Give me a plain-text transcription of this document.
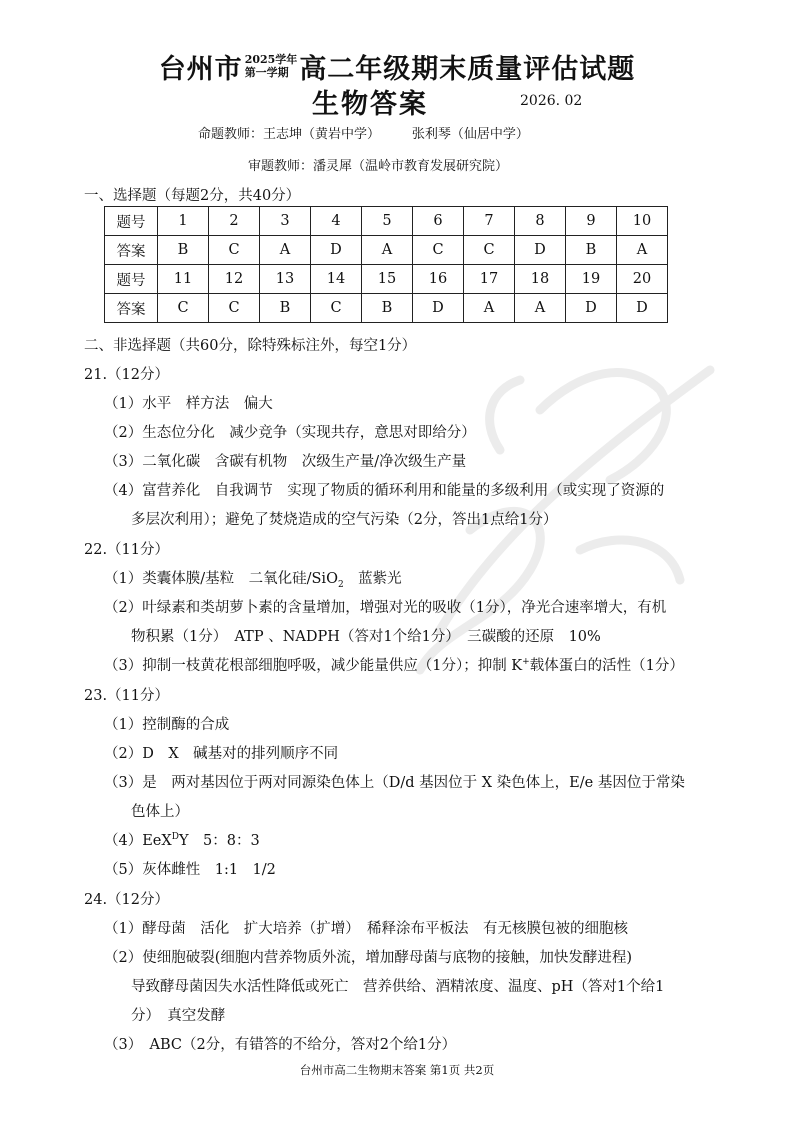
台州市 2025学年
第一学期 高二年级期末质量评估试题
生物答案	2026. 02
命题教师：王志坤（黄岩中学） 张利琴（仙居中学）
审题教师：潘灵犀（温岭市教育发展研究院）
一、选择题（每题2分，共40分）
题号	1	2	3	4	5	6	7	8	9	10
答案	B	C	A	D	A	C	C	D	B	A
题号	11	12	13	14	15	16	17	18	19	20
答案	C	C	B	C	B	D	A	A	D	D
二、非选择题（共60分，除特殊标注外，每空1分）
21.（12分）
（1）水平　样方法　偏大
（2）生态位分化　减少竞争（实现共存，意思对即给分）
（3）二氧化碳　含碳有机物　次级生产量/净次级生产量
（4）富营养化　自我调节　实现了物质的循环利用和能量的多级利用（或实现了资源的
多层次利用）；避免了焚烧造成的空气污染（2分，答出1点给1分）
22.（11分）
（1）类囊体膜/基粒　二氧化硅/SiO$_2$　蓝紫光
（2）叶绿素和类胡萝卜素的含量增加，增强对光的吸收（1分），净光合速率增大，有机
物积累（1分）　ATP 、NADPH（答对1个给1分）　三碳酸的还原　10%
（3）抑制一枝黄花根部细胞呼吸，减少能量供应（1分）；抑制 K+载体蛋白的活性（1分）
23.（11分）
（1）控制酶的合成
（2）D　X　碱基对的排列顺序不同
（3）是　两对基因位于两对同源染色体上（D/d 基因位于 X 染色体上，E/e 基因位于常染
色体上）
（4）EeX$^D$Y　5：8：3
（5）灰体雌性　1:1　1/2
24.（12分）
（1）酵母菌　活化　扩大培养（扩增）　稀释涂布平板法　有无核膜包被的细胞核
（2）使细胞破裂(细胞内营养物质外流，增加酵母菌与底物的接触，加快发酵进程)
导致酵母菌因失水活性降低或死亡　营养供给、酒精浓度、温度、pH（答对1个给1
分）　真空发酵
（3）　ABC（2分，有错答的不给分，答对2个给1分）
台州市高二生物期末答案 第1页 共2页
